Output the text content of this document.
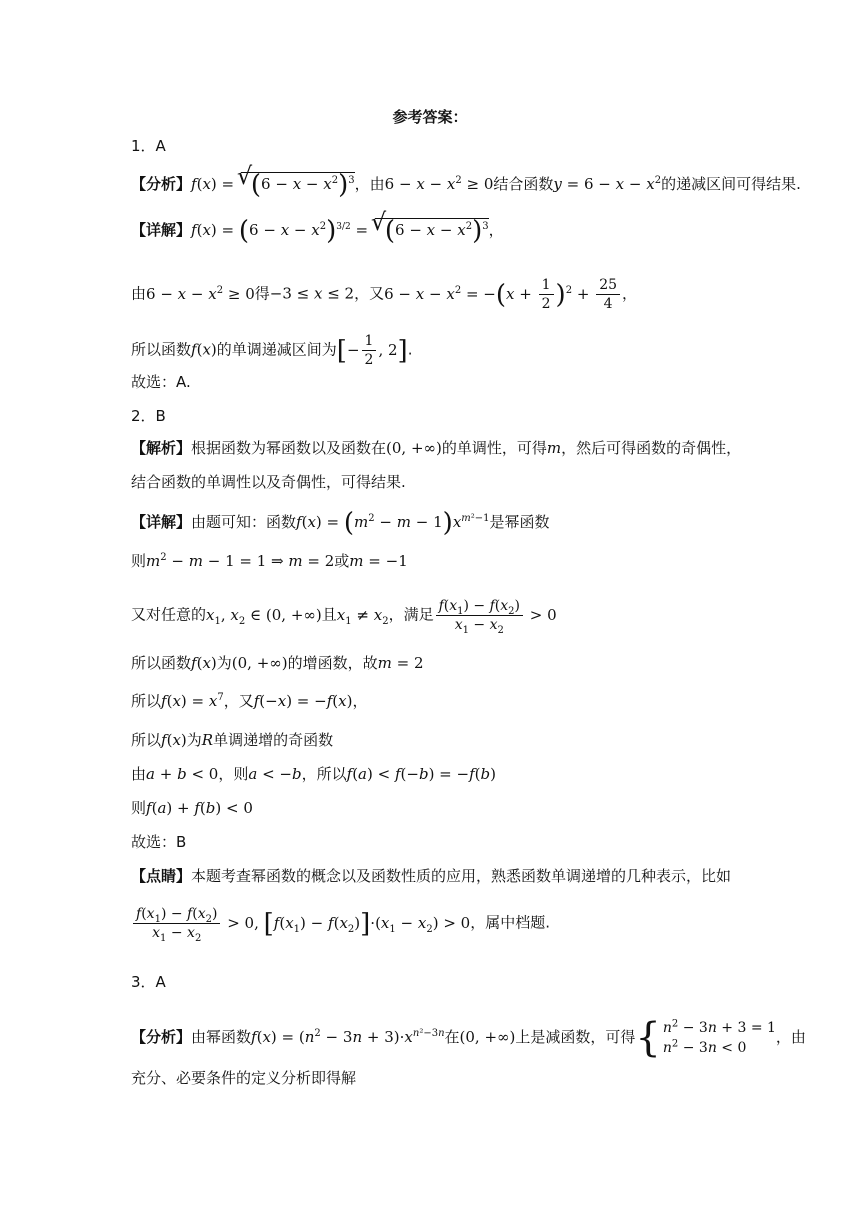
参考答案：
1．A
【分析】f(x) = √ $(6 - x - x^2)^3$，由$6 - x - x^2 \ge 0$结合函数$y = 6 - x - x^2$的递减区间可得结果.
【详解】$f(x) = (6 - x - x^2)^{3/2}$ = √ $(6 - x - x^2)^3$，
由$6 - x - x^2 \ge 0$得−3 ≤ x ≤ 2，又$6 - x - x^2 = -(x + \frac{1}{2} )^2 + \frac{25}{4}$ ，
所以函数f(x)的单调递减区间为[− $\frac{1}{2}$ , 2].
故选：A.
2．B
【解析】根据函数为幂函数以及函数在(0, +∞)的单调性，可得m，然后可得函数的奇偶性，
结合函数的单调性以及奇偶性，可得结果.
【详解】由题可知：函数$f(x) = (m^2 - m - 1)x^{m^2-1}$是幂函数
则$m^2 - m - 1 = 1$ ⇒ m = 2或m = −1
又对任意的$x_1$, $x_2$ ∈ (0, +∞)且$x_1 \ne x_2$，满足 $\frac{f(x_1) - f(x_2)}{x_1 - x_2} > 0$
所以函数f(x)为(0, +∞)的增函数，故m = 2
所以$f(x) = x^7$，又f(−x) = −f(x)，
所以f(x)为R单调递增的奇函数
由a + b < 0，则a < −b，所以f(a) < f(−b) = −f(b)
则f(a) + f(b) < 0
故选：B
【点睛】本题考查幂函数的概念以及函数性质的应用，熟悉函数单调递增的几种表示，比如
$\frac{f(x_1) - f(x_2)}{x_1 - x_2} > 0$, $[f(x_1) - f(x_2)]\cdot(x_1 - x_2) > 0$，属中档题.
3．A
【分析】由幂函数$f(x) = (n^2 - 3n + 3)\cdot x^{n^2-3n}$在(0, +∞)上是减函数，可得 { $n^2 - 3n + 3 = 1$
$n^2 - 3n < 0$
，由
充分、必要条件的定义分析即得解
